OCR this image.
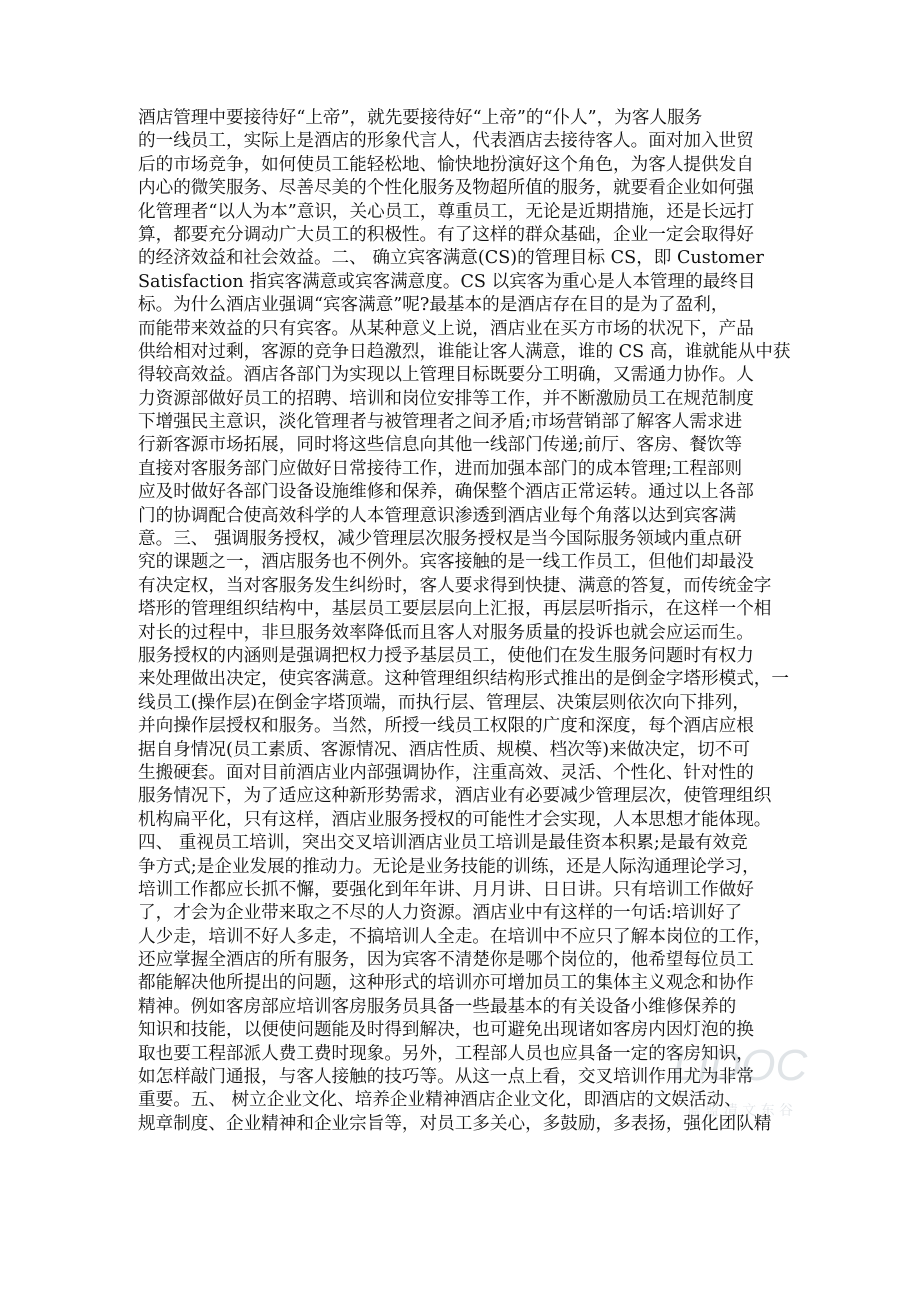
酒店管理中要接待好“上帝”，就先要接待好“上帝”的“仆人”，为客人服务
的一线员工，实际上是酒店的形象代言人，代表酒店去接待客人。面对加入世贸
后的市场竞争，如何使员工能轻松地、愉快地扮演好这个角色，为客人提供发自
内心的微笑服务、尽善尽美的个性化服务及物超所值的服务，就要看企业如何强
化管理者“以人为本”意识，关心员工，尊重员工，无论是近期措施，还是长远打
算，都要充分调动广大员工的积极性。有了这样的群众基础，企业一定会取得好
的经济效益和社会效益。二、 确立宾客满意(CS)的管理目标 CS，即 Customer
Satisfaction 指宾客满意或宾客满意度。CS 以宾客为重心是人本管理的最终目
标。为什么酒店业强调“宾客满意”呢?最基本的是酒店存在目的是为了盈利，
而能带来效益的只有宾客。从某种意义上说，酒店业在买方市场的状况下，产品
供给相对过剩，客源的竞争日趋激烈，谁能让客人满意，谁的 CS 高，谁就能从中获
得较高效益。酒店各部门为实现以上管理目标既要分工明确，又需通力协作。人
力资源部做好员工的招聘、培训和岗位安排等工作，并不断激励员工在规范制度
下增强民主意识，淡化管理者与被管理者之间矛盾;市场营销部了解客人需求进
行新客源市场拓展，同时将这些信息向其他一线部门传递;前厅、客房、餐饮等
直接对客服务部门应做好日常接待工作，进而加强本部门的成本管理;工程部则
应及时做好各部门设备设施维修和保养，确保整个酒店正常运转。通过以上各部
门的协调配合使高效科学的人本管理意识渗透到酒店业每个角落以达到宾客满
意。三、 强调服务授权，减少管理层次服务授权是当今国际服务领域内重点研
究的课题之一，酒店服务也不例外。宾客接触的是一线工作员工，但他们却最没
有决定权，当对客服务发生纠纷时，客人要求得到快捷、满意的答复，而传统金字
塔形的管理组织结构中，基层员工要层层向上汇报，再层层听指示，在这样一个相
对长的过程中，非旦服务效率降低而且客人对服务质量的投诉也就会应运而生。
服务授权的内涵则是强调把权力授予基层员工，使他们在发生服务问题时有权力
来处理做出决定，使宾客满意。这种管理组织结构形式推出的是倒金字塔形模式，一
线员工(操作层)在倒金字塔顶端，而执行层、管理层、决策层则依次向下排列，
并向操作层授权和服务。当然，所授一线员工权限的广度和深度，每个酒店应根
据自身情况(员工素质、客源情况、酒店性质、规模、档次等)来做决定，切不可
生搬硬套。面对目前酒店业内部强调协作，注重高效、灵活、个性化、针对性的
服务情况下，为了适应这种新形势需求，酒店业有必要减少管理层次，使管理组织
机构扁平化，只有这样，酒店业服务授权的可能性才会实现，人本思想才能体现。
四、 重视员工培训，突出交叉培训酒店业员工培训是最佳资本积累;是最有效竞
争方式;是企业发展的推动力。无论是业务技能的训练，还是人际沟通理论学习，
培训工作都应长抓不懈，要强化到年年讲、月月讲、日日讲。只有培训工作做好
了，才会为企业带来取之不尽的人力资源。酒店业中有这样的一句话:培训好了
人少走，培训不好人多走，不搞培训人全走。在培训中不应只了解本岗位的工作，
还应掌握全酒店的所有服务，因为宾客不清楚你是哪个岗位的，他希望每位员工
都能解决他所提出的问题，这种形式的培训亦可增加员工的集体主义观念和协作
精神。例如客房部应培训客房服务员具备一些最基本的有关设备小维修保养的
知识和技能，以便使问题能及时得到解决，也可避免出现诸如客房内因灯泡的换
取也要工程部派人费工费时现象。另外，工程部人员也应具备一定的客房知识，
如怎样敲门通报，与客人接触的技巧等。从这一点上看，交叉培训作用尤为非常
重要。五、 树立企业文化、培养企业精神酒店企业文化，即酒店的文娱活动、
规章制度、企业精神和企业宗旨等，对员工多关心，多鼓励，多表扬，强化团队精
LIDOC
蓝 盟 清 文 东 谷
